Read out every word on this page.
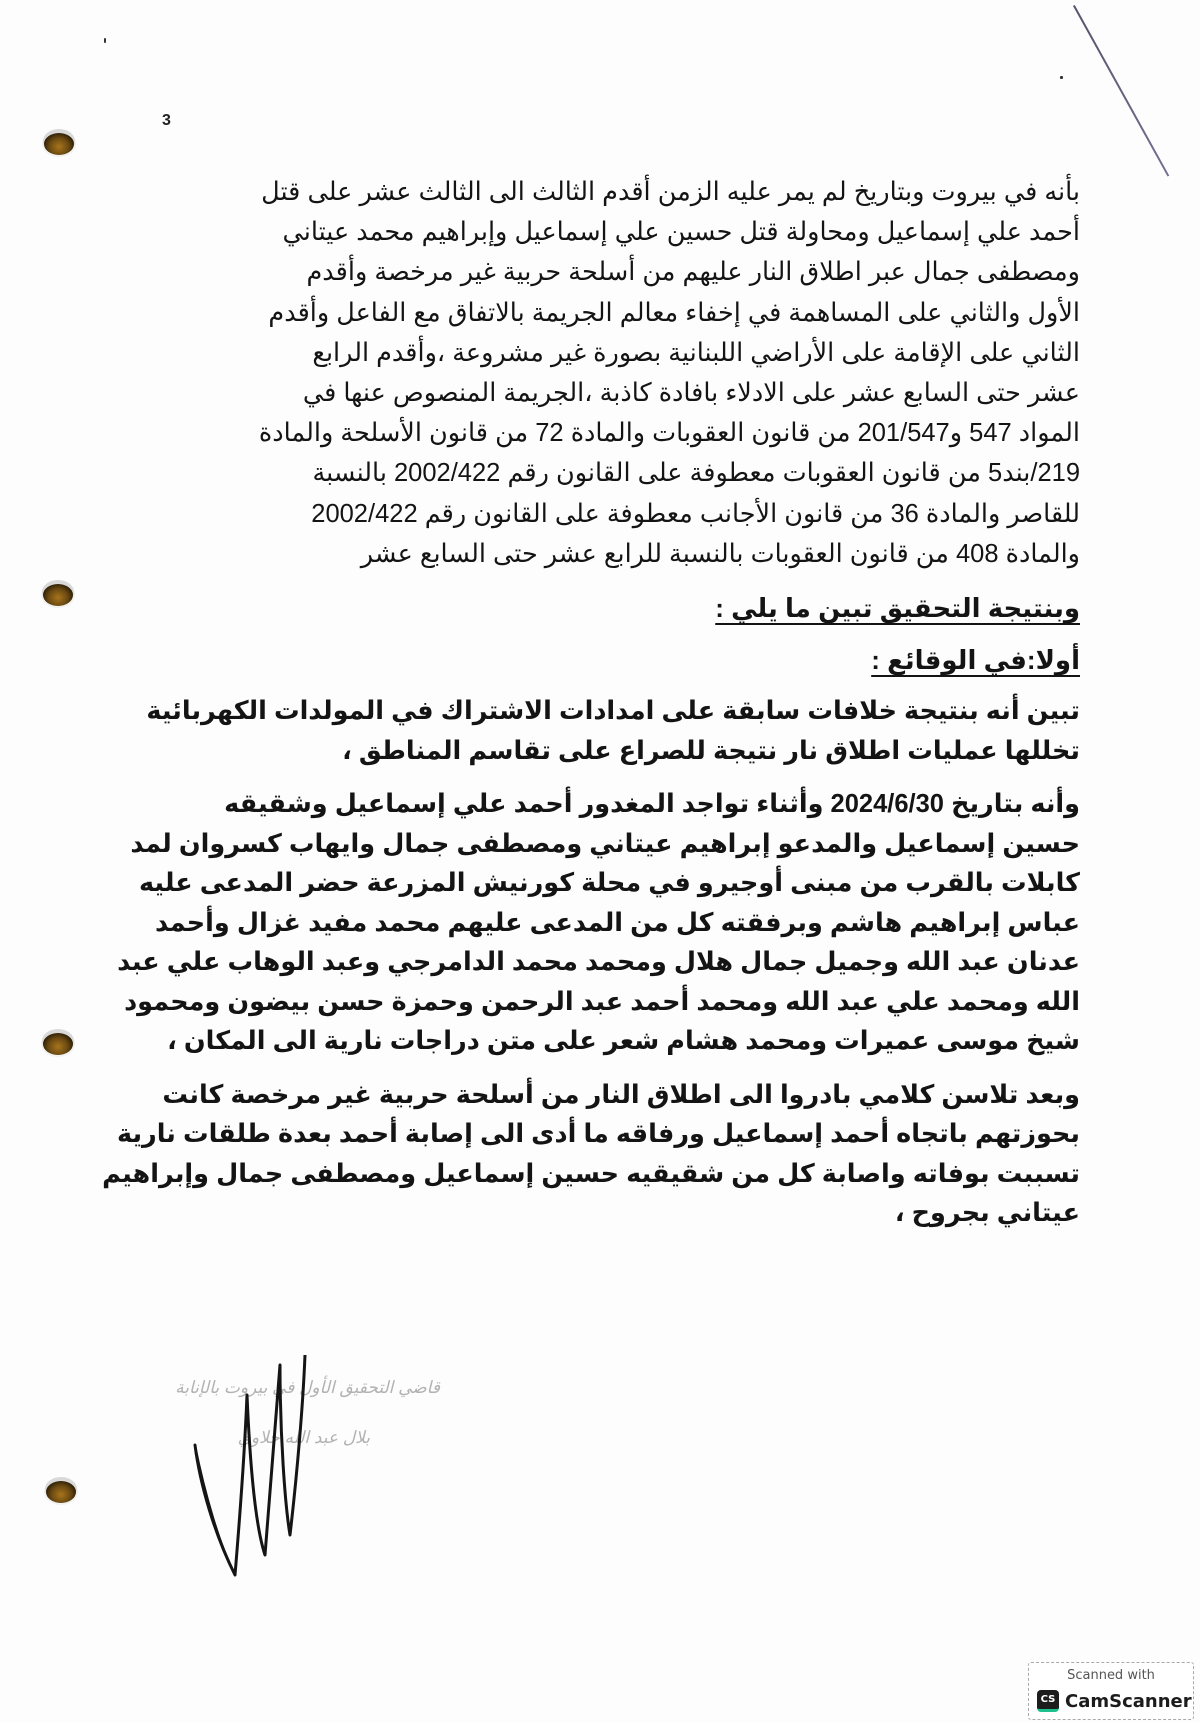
3

بأنه في بيروت وبتاريخ لم يمر عليه الزمن أقدم الثالث الى الثالث عشر على قتل
أحمد علي إسماعيل ومحاولة قتل حسين علي إسماعيل وإبراهيم محمد عيتاني
ومصطفى جمال عبر اطلاق النار عليهم من أسلحة حربية غير مرخصة وأقدم
الأول والثاني على المساهمة في إخفاء معالم الجريمة بالاتفاق مع الفاعل وأقدم
الثاني على الإقامة على الأراضي اللبنانية بصورة غير مشروعة ،وأقدم الرابع
عشر حتى السابع عشر على الادلاء بافادة كاذبة ،الجريمة المنصوص عنها في
المواد 547 و201/547 من قانون العقوبات والمادة 72 من قانون الأسلحة والمادة
219/بند5 من قانون العقوبات معطوفة على القانون رقم 2002/422 بالنسبة
للقاصر والمادة 36 من قانون الأجانب معطوفة على القانون رقم 2002/422
والمادة 408 من قانون العقوبات بالنسبة للرابع عشر حتى السابع عشر

وبنتيجة التحقيق تبين ما يلي :

أولا:في الوقائع :

تبين أنه بنتيجة خلافات سابقة على امدادات الاشتراك في المولدات الكهربائية
تخللها عمليات اطلاق نار نتيجة للصراع على تقاسم المناطق ،

وأنه بتاريخ 2024/6/30 وأثناء تواجد المغدور أحمد علي إسماعيل وشقيقه
حسين إسماعيل والمدعو إبراهيم عيتاني ومصطفى جمال وايهاب كسروان لمد
كابلات بالقرب من مبنى أوجيرو في محلة كورنيش المزرعة حضر المدعى عليه
عباس إبراهيم هاشم وبرفقته كل من المدعى عليهم محمد مفيد غزال وأحمد
عدنان عبد الله وجميل جمال هلال ومحمد محمد الدامرجي وعبد الوهاب علي عبد
الله ومحمد علي عبد الله ومحمد أحمد عبد الرحمن وحمزة حسن بيضون ومحمود
شيخ موسى عميرات ومحمد هشام شعر على متن دراجات نارية الى المكان ،

وبعد تلاسن كلامي بادروا الى اطلاق النار من أسلحة حربية غير مرخصة كانت
بحوزتهم باتجاه أحمد إسماعيل ورفاقه ما أدى الى إصابة أحمد بعدة طلقات نارية
تسببت بوفاته واصابة كل من شقيقيه حسين إسماعيل ومصطفى جمال وإبراهيم
عيتاني بجروح ،

قاضي التحقيق الأول في بيروت بالإنابة
بلال عبد الله حلاوي
Scanned with
CS CamScanner
